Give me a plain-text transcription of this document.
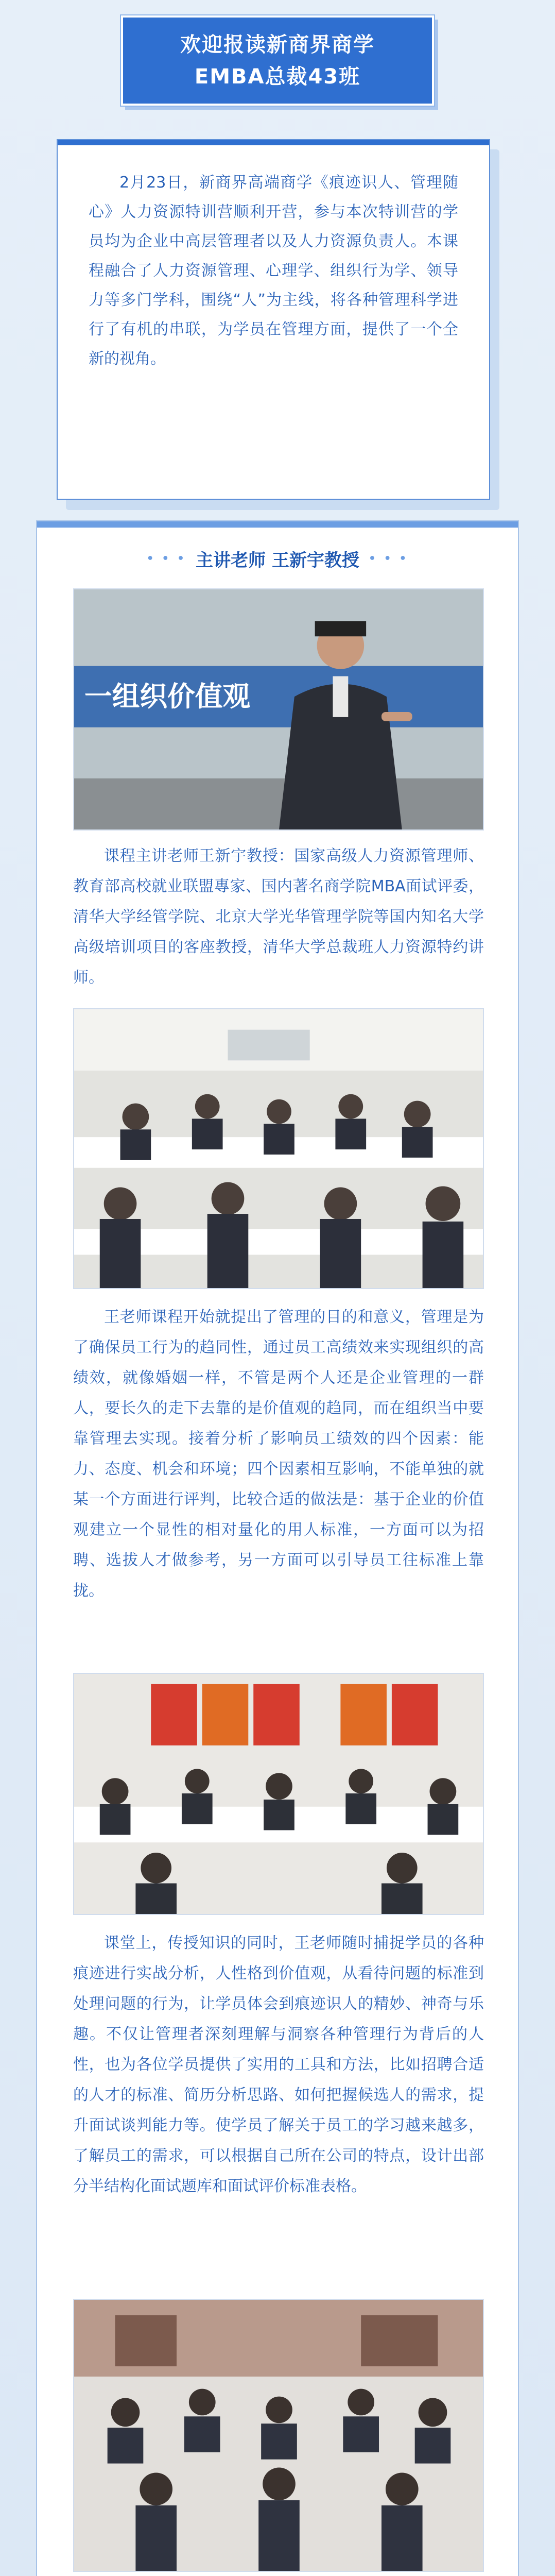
欢迎报读新商界商学
EMBA总裁43班

2月23日，新商界高端商学《痕迹识人、管理随心》人力资源特训营顺利开营，参与本次特训营的学员均为企业中高层管理者以及人力资源负责人。本课程融合了人力资源管理、心理学、组织行为学、领导力等多门学科，围绕“人”为主线，将各种管理科学进行了有机的串联，为学员在管理方面，提供了一个全新的视角。

• • • 主讲老师 王新宇教授 • • •
一组织价值观

课程主讲老师王新宇教授：国家高级人力资源管理师、教育部高校就业联盟專家、国内著名商学院MBA面试评委，清华大学经管学院、北京大学光华管理学院等国内知名大学高级培训项目的客座教授，清华大学总裁班人力资源特约讲师。

王老师课程开始就提出了管理的目的和意义，管理是为了确保员工行为的趋同性，通过员工高绩效来实现组织的高绩效，就像婚姻一样，不管是两个人还是企业管理的一群人，要长久的走下去靠的是价值观的趋同，而在组织当中要靠管理去实现。接着分析了影响员工绩效的四个因素：能力、态度、机会和环境；四个因素相互影响，不能单独的就某一个方面进行评判，比较合适的做法是：基于企业的价值观建立一个显性的相对量化的用人标准，一方面可以为招聘、选拔人才做参考，另一方面可以引导员工往标准上靠拢。

课堂上，传授知识的同时，王老师随时捕捉学员的各种痕迹进行实战分析，人性格到价值观，从看待问题的标准到处理问题的行为，让学员体会到痕迹识人的精妙、神奇与乐趣。不仅让管理者深刻理解与洞察各种管理行为背后的人性，也为各位学员提供了实用的工具和方法，比如招聘合适的人才的标准、简历分析思路、如何把握候选人的需求，提升面试谈判能力等。使学员了解关于员工的学习越来越多，了解员工的需求，可以根据自己所在公司的特点，设计出部分半结构化面试题库和面试评价标准表格。
